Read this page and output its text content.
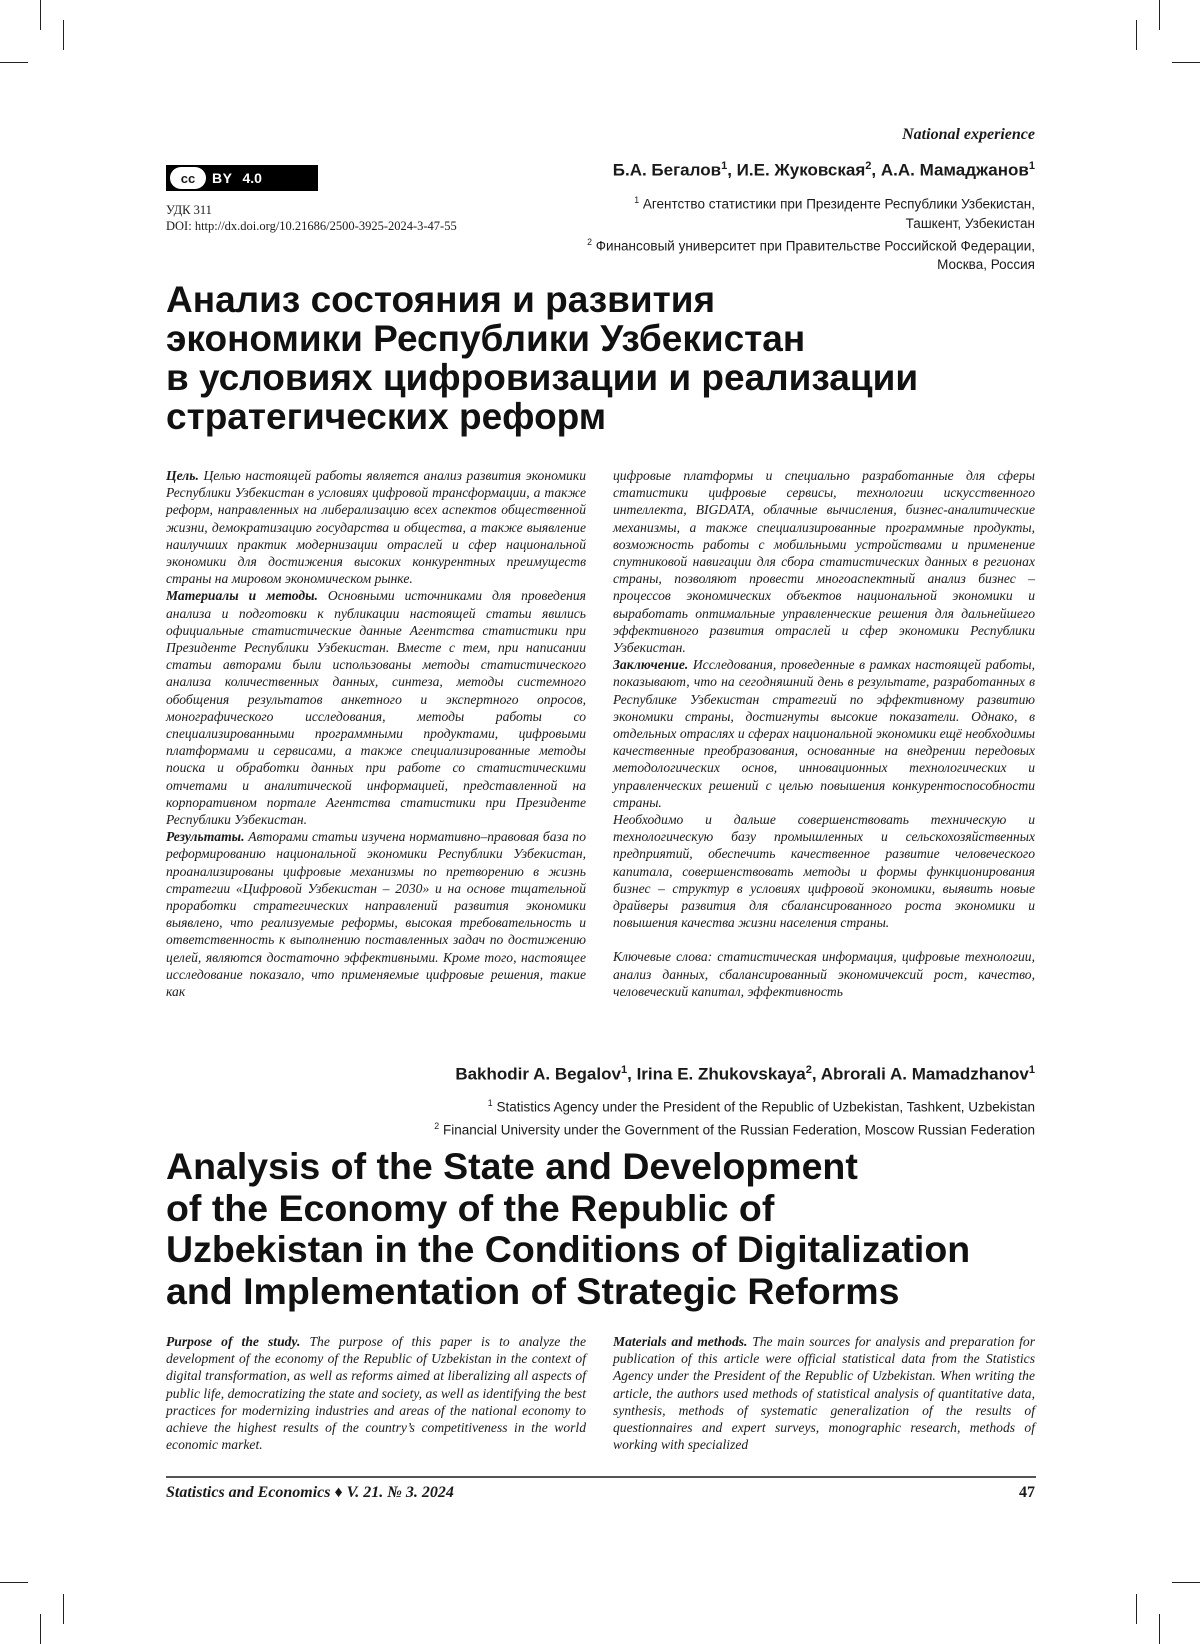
National experience
cc	BY 4.0
УДК 311
DOI: http://dx.doi.org/10.21686/2500-3925-2024-3-47-55
Б.А. Бегалов$^1$, И.Е. Жуковская$^2$, А.А. Мамаджанов$^1$
$^1$ Агентство статистики при Президенте Республики Узбекистан,
Ташкент, Узбекистан
$^2$ Финансовый университет при Правительстве Российской Федерации,
Москва, Россия
Анализ состояния и развития
экономики Республики Узбекистан
в условиях цифровизации и реализации
стратегических реформ

Цель. Целью настоящей работы является анализ развития экономики Республики Узбекистан в условиях цифровой трансформации, а также реформ, направленных на либерализацию всех аспектов общественной жизни, демократизацию государства и общества, а также выявление наилучших практик модернизации отраслей и сфер национальной экономики для достижения высоких конкурентных преимуществ страны на мировом экономическом рынке.

Материалы и методы. Основными источниками для проведения анализа и подготовки к публикации настоящей статьи явились официальные статистические данные Агентства статистики при Президенте Республики Узбекистан. Вместе с тем, при написании статьи авторами были использованы методы статистического анализа количественных данных, синтеза, методы системного обобщения результатов анкетного и экспертного опросов, монографического исследования, методы работы со специализированными программными продуктами, цифровыми платформами и сервисами, а также специализированные методы поиска и обработки данных при работе со статистическими отчетами и аналитической информацией, представленной на корпоративном портале Агентства статистики при Президенте Республики Узбекистан.

Результаты. Авторами статьи изучена нормативно–правовая база по реформированию национальной экономики Республики Узбекистан, проанализированы цифровые механизмы по претворению в жизнь стратегии «Цифровой Узбекистан – 2030» и на основе тщательной проработки стратегических направлений развития экономики выявлено, что реализуемые реформы, высокая требовательность и ответственность к выполнению поставленных задач по достижению целей, являются достаточно эффективными. Кроме того, настоящее исследование показало, что применяемые цифровые решения, такие как

цифровые платформы и специально разработанные для сферы статистики цифровые сервисы, технологии искусственного интеллекта, BIGDATA, облачные вычисления, бизнес-аналитические механизмы, а также специализированные программные продукты, возможность работы с мобильными устройствами и применение спутниковой навигации для сбора статистических данных в регионах страны, позволяют провести многоаспектный анализ бизнес – процессов экономических объектов национальной экономики и выработать оптимальные управленческие решения для дальнейшего эффективного развития отраслей и сфер экономики Республики Узбекистан.

Заключение. Исследования, проведенные в рамках настоящей работы, показывают, что на сегодняшний день в результате, разработанных в Республике Узбекистан стратегий по эффективному развитию экономики страны, достигнуты высокие показатели. Однако, в отдельных отраслях и сферах национальной экономики ещё необходимы качественные преобразования, основанные на внедрении передовых методологических основ, инновационных технологических и управленческих решений с целью повышения конкурентоспособности страны.

Необходимо и дальше совершенствовать техническую и технологическую базу промышленных и сельскохозяйственных предприятий, обеспечить качественное развитие человеческого капитала, совершенствовать методы и формы функционирования бизнес – структур в условиях цифровой экономики, выявить новые драйверы развития для сбалансированного роста экономики и повышения качества жизни населения страны.

Ключевые слова: статистическая информация, цифровые технологии, анализ данных, сбалансированный экономичексий рост, качество, человеческий капитал, эффективность

Bakhodir A. Begalov$^1$, Irina E. Zhukovskaya$^2$, Abrorali A. Mamadzhanov$^1$
$^1$ Statistics Agency under the President of the Republic of Uzbekistan, Tashkent, Uzbekistan
$^2$ Financial University under the Government of the Russian Federation, Moscow Russian Federation
Analysis of the State and Development
of the Economy of the Republic of
Uzbekistan in the Conditions of Digitalization
and Implementation of Strategic Reforms

Purpose of the study. The purpose of this paper is to analyze the development of the economy of the Republic of Uzbekistan in the context of digital transformation, as well as reforms aimed at liberalizing all aspects of public life, democratizing the state and society, as well as identifying the best practices for modernizing industries and areas of the national economy to achieve the highest results of the country’s competitiveness in the world economic market.

Materials and methods. The main sources for analysis and preparation for publication of this article were official statistical data from the Statistics Agency under the President of the Republic of Uzbekistan. When writing the article, the authors used methods of statistical analysis of quantitative data, synthesis, methods of systematic generalization of the results of questionnaires and expert surveys, monographic research, methods of working with specialized

Statistics and Economics ♦ V. 21. № 3. 2024	47
